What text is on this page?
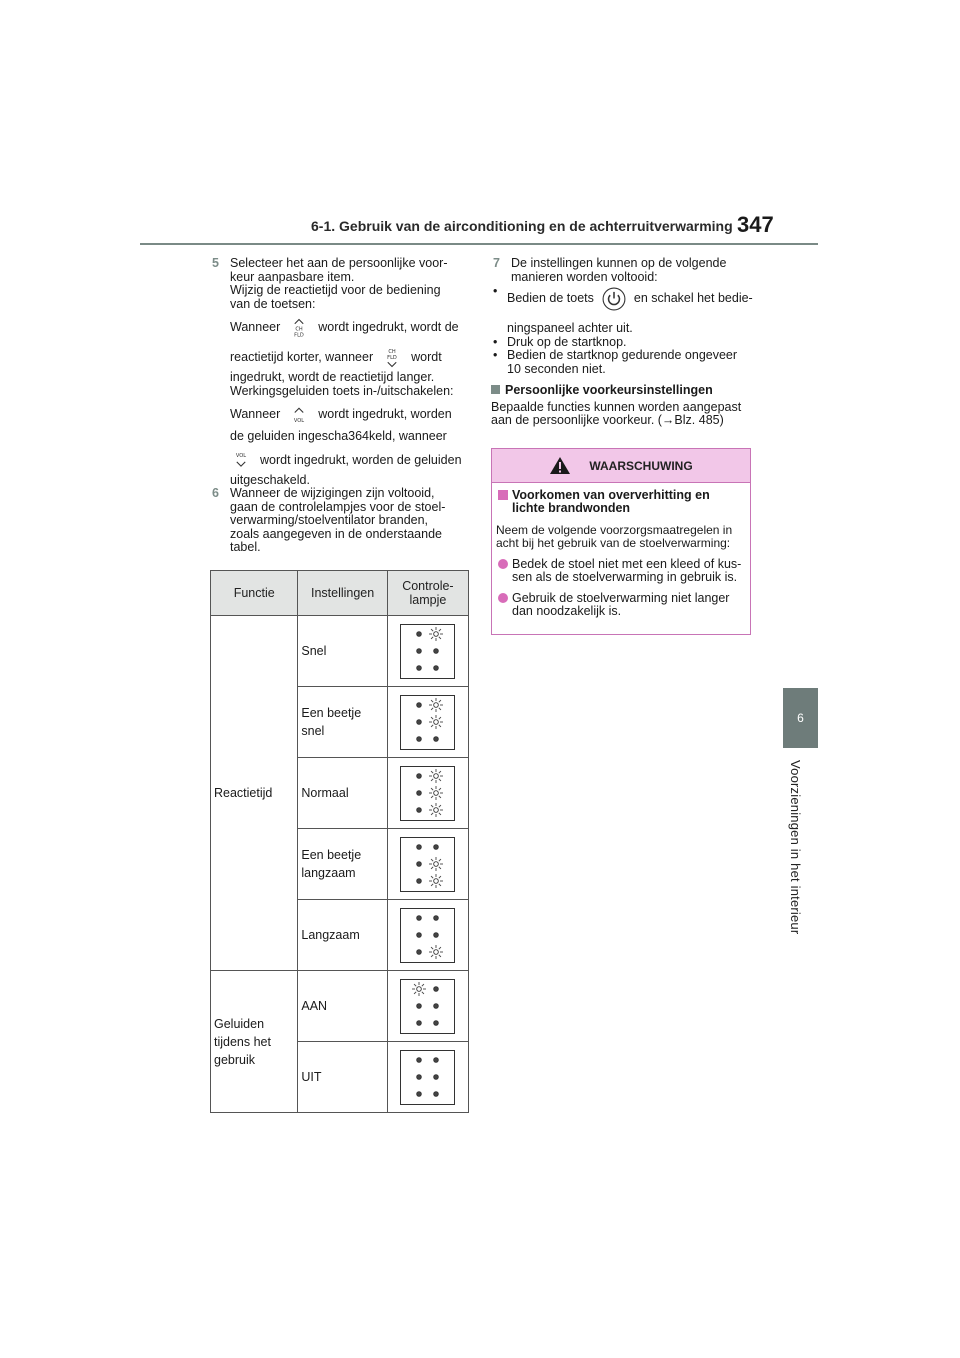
6-1. Gebruik van de airconditioning en de achterruitverwarming 347
6
Voorzieningen in het interieur
5 Selecteer het aan de persoonlijke voor-

keur aanpasbare item.

Wijzig de reactietijd voor de bediening

van de toetsen:

Wanneer	CH
FLD
wordt ingedrukt, wordt de
reactietijd korter, wanneer	CH
FLD wordt

ingedrukt, wordt de reactietijd langer.

Werkingsgeluiden toets in-/uitschakelen:

Wanneer VOL wordt ingedrukt, worden

de geluiden ingescha364keld, wanneer

VOL wordt ingedrukt, worden de geluiden

uitgeschakeld.

6 Wanneer de wijzigingen zijn voltooid,

gaan de controlelampjes voor de stoel-

verwarming/stoelventilator branden,

zoals aangegeven in de onderstaande

tabel.

Functie	Instellingen	Controle-
lampje
Reactietijd	Snel	

	Een beetje
snel	

	Normaal	

	Een beetje
langzaam	

	Langzaam	

Geluiden
tijdens het
gebruik	AAN	

	UIT	
7 De instellingen kunnen op de volgende

manieren worden voltooid:

•
Bedien de toets	en schakel het bedie-

ningspaneel achter uit.

• Druk op de startknop.

• Bedien de startknop gedurende ongeveer

10 seconden niet.

Persoonlijke voorkeursinstellingen

Bepaalde functies kunnen worden aangepast

aan de persoonlijke voorkeur. (→Blz. 485)

WAARSCHUWING

Voorkomen van oververhitting en

lichte brandwonden

Neem de volgende voorzorgsmaatregelen in

acht bij het gebruik van de stoelverwarming:

Bedek de stoel niet met een kleed of kus-

sen als de stoelverwarming in gebruik is.

Gebruik de stoelverwarming niet langer

dan noodzakelijk is.
